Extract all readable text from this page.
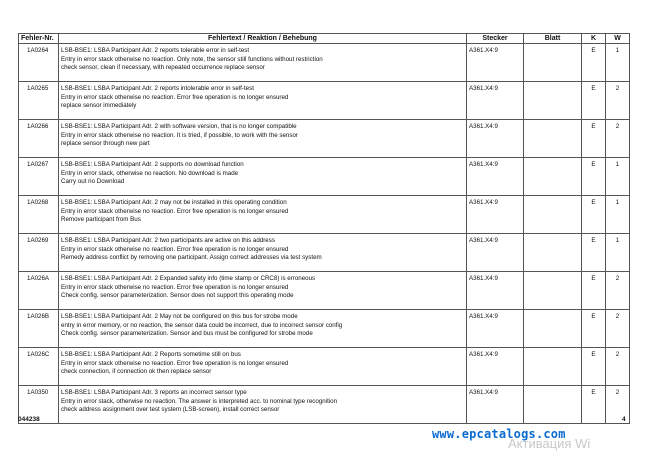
Fehler-Nr.	Fehlertext / Reaktion / Behebung	Stecker	Blatt	K	W
1A0264	LSB-BSE1: LSBA Participant Adr. 2 reports tolerable error in self-test
Entry in error stack otherwise no reaction. Only note, the sensor still functions without restriction
check sensor, clean if necessary, with repeated occurrence replace sensor	A361.X4:9		E	1
1A0265	LSB-BSE1: LSBA Participant Adr. 2 reports intolerable error in self-test
Entry in error stack otherwise no reaction. Error free operation is no longer ensured
replace sensor immediately	A361.X4:9		E	2
1A0266	LSB-BSE1: LSBA Participant Adr. 2 with software version, that is no longer compatible
Entry in error stack otherwise no reaction. It is tried, if possible, to work with the sensor
replace sensor through new part	A361.X4:9		E	2
1A0267	LSB-BSE1: LSBA Participant Adr. 2 supports no download function
Entry in error stack, otherwise no reaction. No download is made
Carry out no Download	A361.X4:9		E	1
1A0268	LSB-BSE1: LSBA Participant Adr. 2 may not be installed in this operating condition
Entry in error stack otherwise no reaction. Error free operation is no longer ensured
Remove participant from Bus	A361.X4:9		E	1
1A0269	LSB-BSE1: LSBA Participant Adr. 2 two participants are active on this address
Entry in error stack otherwise no reaction. Error free operation is no longer ensured
Remedy address conflict by removing one participant. Assign correct addresses via test system	A361.X4:9		E	1
1A026A	LSB-BSE1: LSBA Participant Adr. 2 Expanded safety info (time stamp or CRC8) is erroneous
Entry in error stack otherwise no reaction. Error free operation is no longer ensured
Check config. sensor parameterization. Sensor does not support this operating mode	A361.X4:9		E	2
1A026B	LSB-BSE1: LSBA Participant Adr. 2 May not be configured on this bus for strobe mode
entry in error memory, or no reaction, the sensor data could be incorrect, due to incorrect sensor config
Check config. sensor parameterization. Sensor and bus must be configured for strobe mode	A361.X4:9		E	2
1A026C	LSB-BSE1: LSBA Participant Adr. 2 Reports sometime still on bus
Entry in error stack otherwise no reaction. Error free operation is no longer ensured
check connection, if connection ok then replace sensor	A361.X4:9		E	2
1A0350	LSB-BSE1: LSBA Participant Adr. 3 reports an incorrect sensor type
Entry in error stack, otherwise no reaction. The answer is interpreted acc. to nominal type recognition
check address assignment over test system (LSB-screen), install correct sensor	A361.X4:9		E	2
044238	4
www.epcatalogs.com
Активация Wi
